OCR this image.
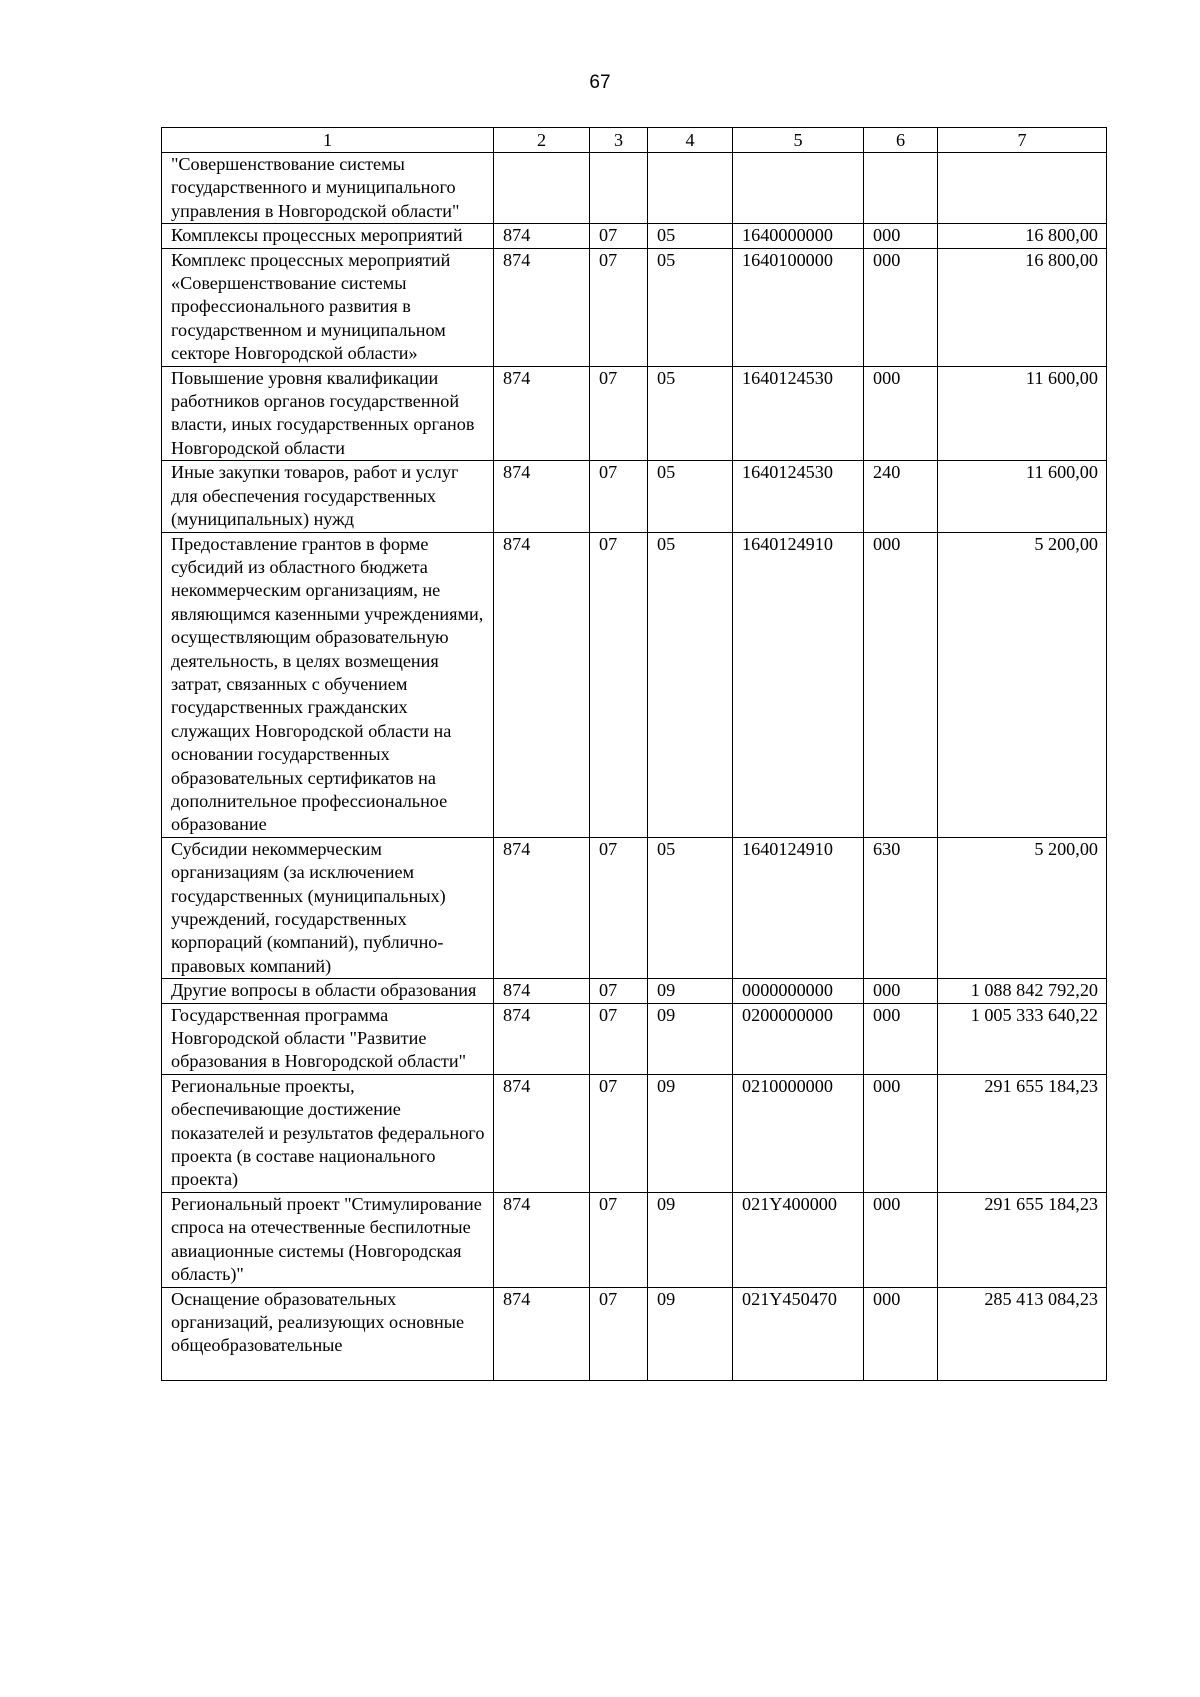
67
1	2	3	4	5	6	7
"Совершенствование системы государственного и муниципального управления в Новгородской области"						
Комплексы процессных мероприятий	874	07	05	1640000000	000	16 800,00
Комплекс процессных мероприятий «Совершенствование системы профессионального развития в государственном и муниципальном секторе Новгородской области»	874	07	05	1640100000	000	16 800,00
Повышение уровня квалификации работников органов государственной власти, иных государственных органов Новгородской области	874	07	05	1640124530	000	11 600,00
Иные закупки товаров, работ и услуг для обеспечения государственных (муниципальных) нужд	874	07	05	1640124530	240	11 600,00
Предоставление грантов в форме субсидий из областного бюджета некоммерческим организациям, не являющимся казенными учреждениями, осуществляющим образовательную деятельность, в целях возмещения затрат, связанных с обучением государственных гражданских служащих Новгородской области на основании государственных образовательных сертификатов на дополнительное профессиональное образование	874	07	05	1640124910	000	5 200,00
Субсидии некоммерческим организациям (за исключением государственных (муниципальных) учреждений, государственных корпораций (компаний), публично-правовых компаний)	874	07	05	1640124910	630	5 200,00
Другие вопросы в области образования	874	07	09	0000000000	000	1 088 842 792,20
Государственная программа Новгородской области "Развитие образования в Новгородской области"	874	07	09	0200000000	000	1 005 333 640,22
Региональные проекты, обеспечивающие достижение показателей и результатов федерального проекта (в составе национального проекта)	874	07	09	0210000000	000	291 655 184,23
Региональный проект "Стимулирование спроса на отечественные беспилотные авиационные системы (Новгородская область)"	874	07	09	021Y400000	000	291 655 184,23
Оснащение образовательных организаций, реализующих основные общеобразовательные	874	07	09	021Y450470	000	285 413 084,23
